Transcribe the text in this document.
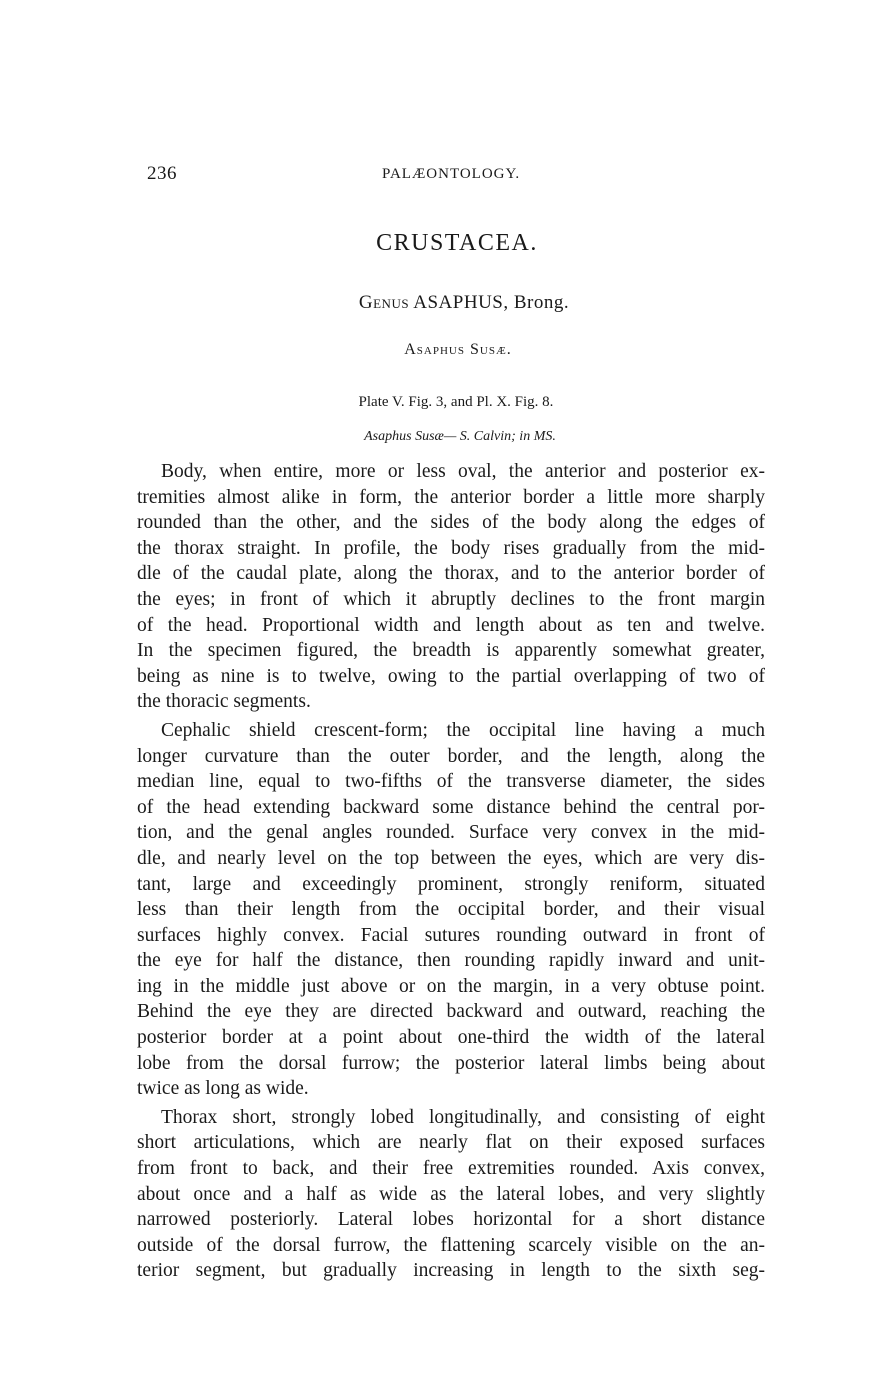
236	PALÆONTOLOGY.
CRUSTACEA.
Genus ASAPHUS, Brong.
Asaphus Susæ.
Plate V. Fig. 3, and Pl. X. Fig. 8.
Asaphus Susæ— S. Calvin; in MS.
Body, when entire, more or less oval, the anterior and posterior ex-
tremities almost alike in form, the anterior border a little more sharply
rounded than the other, and the sides of the body along the edges of
the thorax straight. In profile, the body rises gradually from the mid-
dle of the caudal plate, along the thorax, and to the anterior border of
the eyes; in front of which it abruptly declines to the front margin
of the head. Proportional width and length about as ten and twelve.
In the specimen figured, the breadth is apparently somewhat greater,
being as nine is to twelve, owing to the partial overlapping of two of
the thoracic segments.
Cephalic shield crescent-form; the occipital line having a much
longer curvature than the outer border, and the length, along the
median line, equal to two-fifths of the transverse diameter, the sides
of the head extending backward some distance behind the central por-
tion, and the genal angles rounded. Surface very convex in the mid-
dle, and nearly level on the top between the eyes, which are very dis-
tant, large and exceedingly prominent, strongly reniform, situated
less than their length from the occipital border, and their visual
surfaces highly convex. Facial sutures rounding outward in front of
the eye for half the distance, then rounding rapidly inward and unit-
ing in the middle just above or on the margin, in a very obtuse point.
Behind the eye they are directed backward and outward, reaching the
posterior border at a point about one-third the width of the lateral
lobe from the dorsal furrow; the posterior lateral limbs being about
twice as long as wide.
Thorax short, strongly lobed longitudinally, and consisting of eight
short articulations, which are nearly flat on their exposed surfaces
from front to back, and their free extremities rounded. Axis convex,
about once and a half as wide as the lateral lobes, and very slightly
narrowed posteriorly. Lateral lobes horizontal for a short distance
outside of the dorsal furrow, the flattening scarcely visible on the an-
terior segment, but gradually increasing in length to the sixth seg-
